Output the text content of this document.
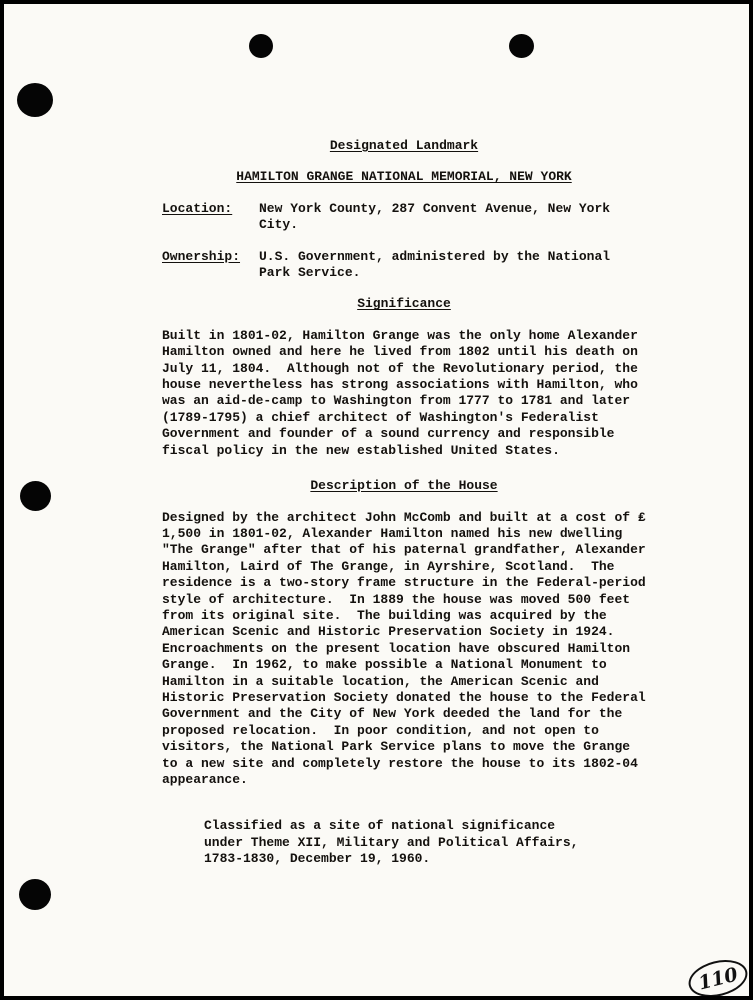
Designated Landmark
HAMILTON GRANGE NATIONAL MEMORIAL, NEW YORK
Location:	New York County, 287 Convent Avenue, New York City.
Ownership:	U.S. Government, administered by the National Park Service.
Significance
Built in 1801-02, Hamilton Grange was the only home Alexander Hamilton owned and here he lived from 1802 until his death on July 11, 1804.  Although not of the Revolutionary period, the house nevertheless has strong associations with Hamilton, who was an aid-de-camp to Washington from 1777 to 1781 and later (1789-1795) a chief architect of Washington's Federalist Government and founder of a sound currency and responsible fiscal policy in the new established United States.
Description of the House
Designed by the architect John McComb and built at a cost of ₤ 1,500 in 1801-02, Alexander Hamilton named his new dwelling "The Grange" after that of his paternal grandfather, Alexander Hamilton, Laird of The Grange, in Ayrshire, Scotland.  The residence is a two-story frame structure in the Federal-period style of architecture.  In 1889 the house was moved 500 feet from its original site.  The building was acquired by the American Scenic and Historic Preservation Society in 1924.  Encroachments on the present location have obscured Hamilton Grange.  In 1962, to make possible a National Monument to Hamilton in a suitable location, the American Scenic and Historic Preservation Society donated the house to the Federal Government and the City of New York deeded the land for the proposed relocation.  In poor condition, and not open to visitors, the National Park Service plans to move the Grange to a new site and completely restore the house to its 1802-04 appearance.
Classified as a site of national significance under Theme XII, Military and Political Affairs, 1783-1830, December 19, 1960.
110
